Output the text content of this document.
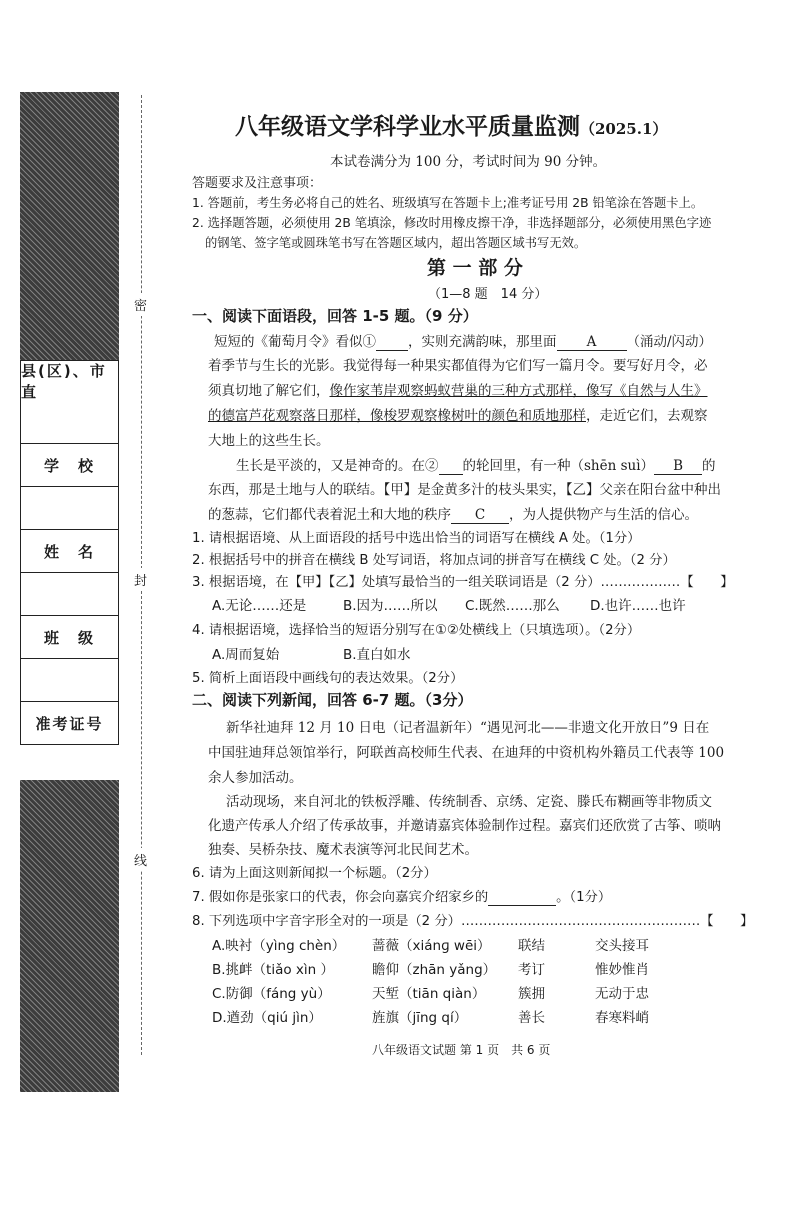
县(区)、市直
学　校
姓　名
班　级
准考证号
密
封
线
八年级语文学科学业水平质量监测（2025.1）
本试卷满分为 100 分，考试时间为 90 分钟。
答题要求及注意事项：
1. 答题前，考生务必将自己的姓名、班级填写在答题卡上;准考证号用 2B 铅笔涂在答题卡上。
2. 选择题答题，必须使用 2B 笔填涂，修改时用橡皮擦干净，非选择题部分，必须使用黑色字迹
的钢笔、签字笔或圆珠笔书写在答题区域内，超出答题区域书写无效。
第 一 部 分
（1—8 题　14 分）
一、阅读下面语段，回答 1-5 题。（9 分）
短短的《葡萄月令》看似① ，实则充满韵味，那里面 A （涌动/闪动）
着季节与生长的光影。我觉得每一种果实都值得为它们写一篇月令。要写好月令，必
须真切地了解它们，像作家苇岸观察蚂蚁营巢的三种方式那样，像写《自然与人生》
的德富芦花观察落日那样，像梭罗观察橡树叶的颜色和质地那样，走近它们，去观察
大地上的这些生长。
生长是平淡的，又是神奇的。在② 的轮回里，有一种（shēn suì） B 的
东西，那是土地与人的联结。【甲】是金黄多汁的枝头果实，【乙】父亲在阳台盆中种出
的葱蒜，它们都代表着泥土和大地的秩序 C ，为人提供物产与生活的信心。
1. 请根据语境、从上面语段的括号中选出恰当的词语写在横线 A 处。（1分）
2. 根据括号中的拼音在横线 B 处写词语，将加点词的拼音写在横线 C 处。（2 分）
3. 根据语境，在【甲】【乙】处填写最恰当的一组关联词语是（2 分）………………【　　】
A.无论……还是	B.因为……所以 C.既然……那么 D.也许……也许
4. 请根据语境，选择恰当的短语分别写在①②处横线上（只填选项）。（2分）
A.周而复始	B.直白如水
5. 简析上面语段中画线句的表达效果。（2分）
二、阅读下列新闻，回答 6-7 题。（3分）
新华社迪拜 12 月 10 日电（记者温新年）“遇见河北——非遗文化开放日”9 日在
中国驻迪拜总领馆举行，阿联酋高校师生代表、在迪拜的中资机构外籍员工代表等 100
余人参加活动。
活动现场，来自河北的铁板浮雕、传统制香、京绣、定瓷、滕氏布糊画等非物质文
化遗产传承人介绍了传承故事，并邀请嘉宾体验制作过程。嘉宾们还欣赏了古筝、唢呐
独奏、吴桥杂技、魔术表演等河北民间艺术。
6. 请为上面这则新闻拟一个标题。（2分）
7. 假如你是张家口的代表，你会向嘉宾介绍家乡的	。（1分）
8. 下列选项中字音字形全对的一项是（2 分）………………………………………………【　　】
A.映衬（yìng chèn） 蔷薇（xiánɡ wēi） 联结	交头接耳
B.挑衅（tiǎo xìn ）	瞻仰（zhān yǎng） 考订	惟妙惟肖
C.防御（fáng yù）	天堑（tiān qiàn） 簇拥	无动于忠
D.遒劲（qiú jìn）	旌旗（jīng qí）	善长	春寒料峭
八年级语文试题 第 1 页　共 6 页
